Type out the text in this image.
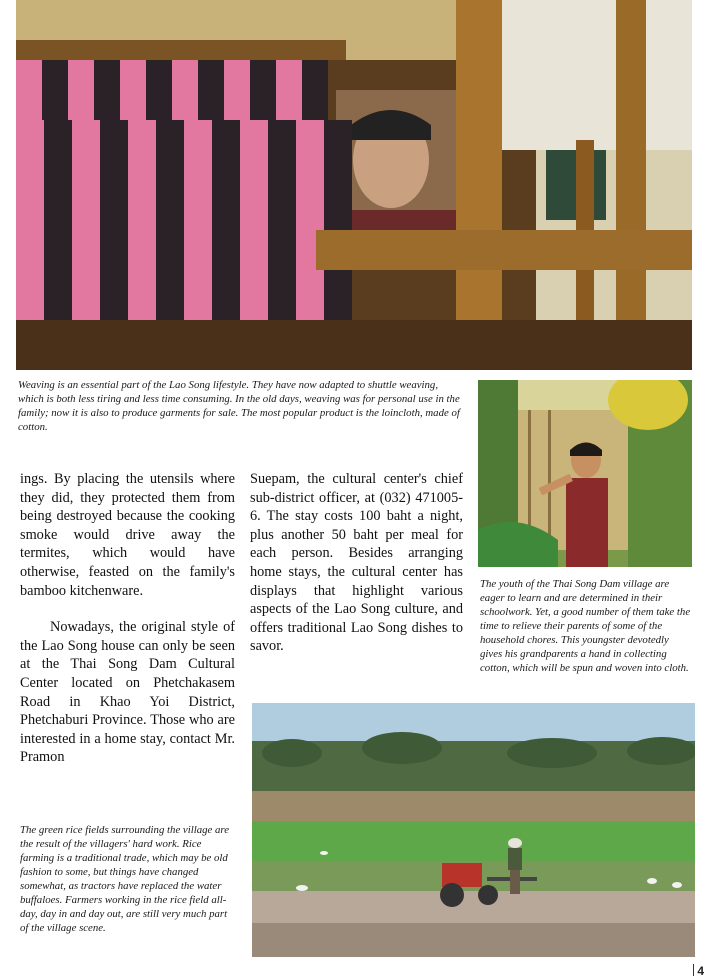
Weaving is an essential part of the Lao Song lifestyle. They have now adapted to shuttle weaving, which is both less tiring and less time consuming. In the old days, weaving was for personal use in the family; now it is also to produce garments for sale. The most popular product is the loincloth, made of cotton.

The youth of the Thai Song Dam village are eager to learn and are determined in their schoolwork. Yet, a good number of them take the time to relieve their parents of some of the household chores. This youngster devotedly gives his grandparents a hand in collecting cotton, which will be spun and woven into cloth.

ings. By placing the utensils where they did, they protected them from being destroyed because the cooking smoke would drive away the termites, which would have otherwise, feasted on the family's bamboo kitchenware.

Nowadays, the original style of the Lao Song house can only be seen at the Thai Song Dam Cultural Center located on Phetchakasem Road in Khao Yoi District, Phetchaburi Province. Those who are interested in a home stay, contact Mr. Pramon

Suepam, the cultural center's chief sub-district officer, at (032) 471005-6. The stay costs 100 baht a night, plus another 50 baht per meal for each person. Besides arranging home stays, the cultural center has displays that highlight various aspects of the Lao Song culture, and offers traditional Lao Song dishes to savor.

The green rice fields surrounding the village are the result of the villagers' hard work. Rice farming is a traditional trade, which may be old fashion to some, but things have changed somewhat, as tractors have replaced the water buffaloes. Farmers working in the rice field all-day, day in and day out, are still very much part of the village scene.

4
